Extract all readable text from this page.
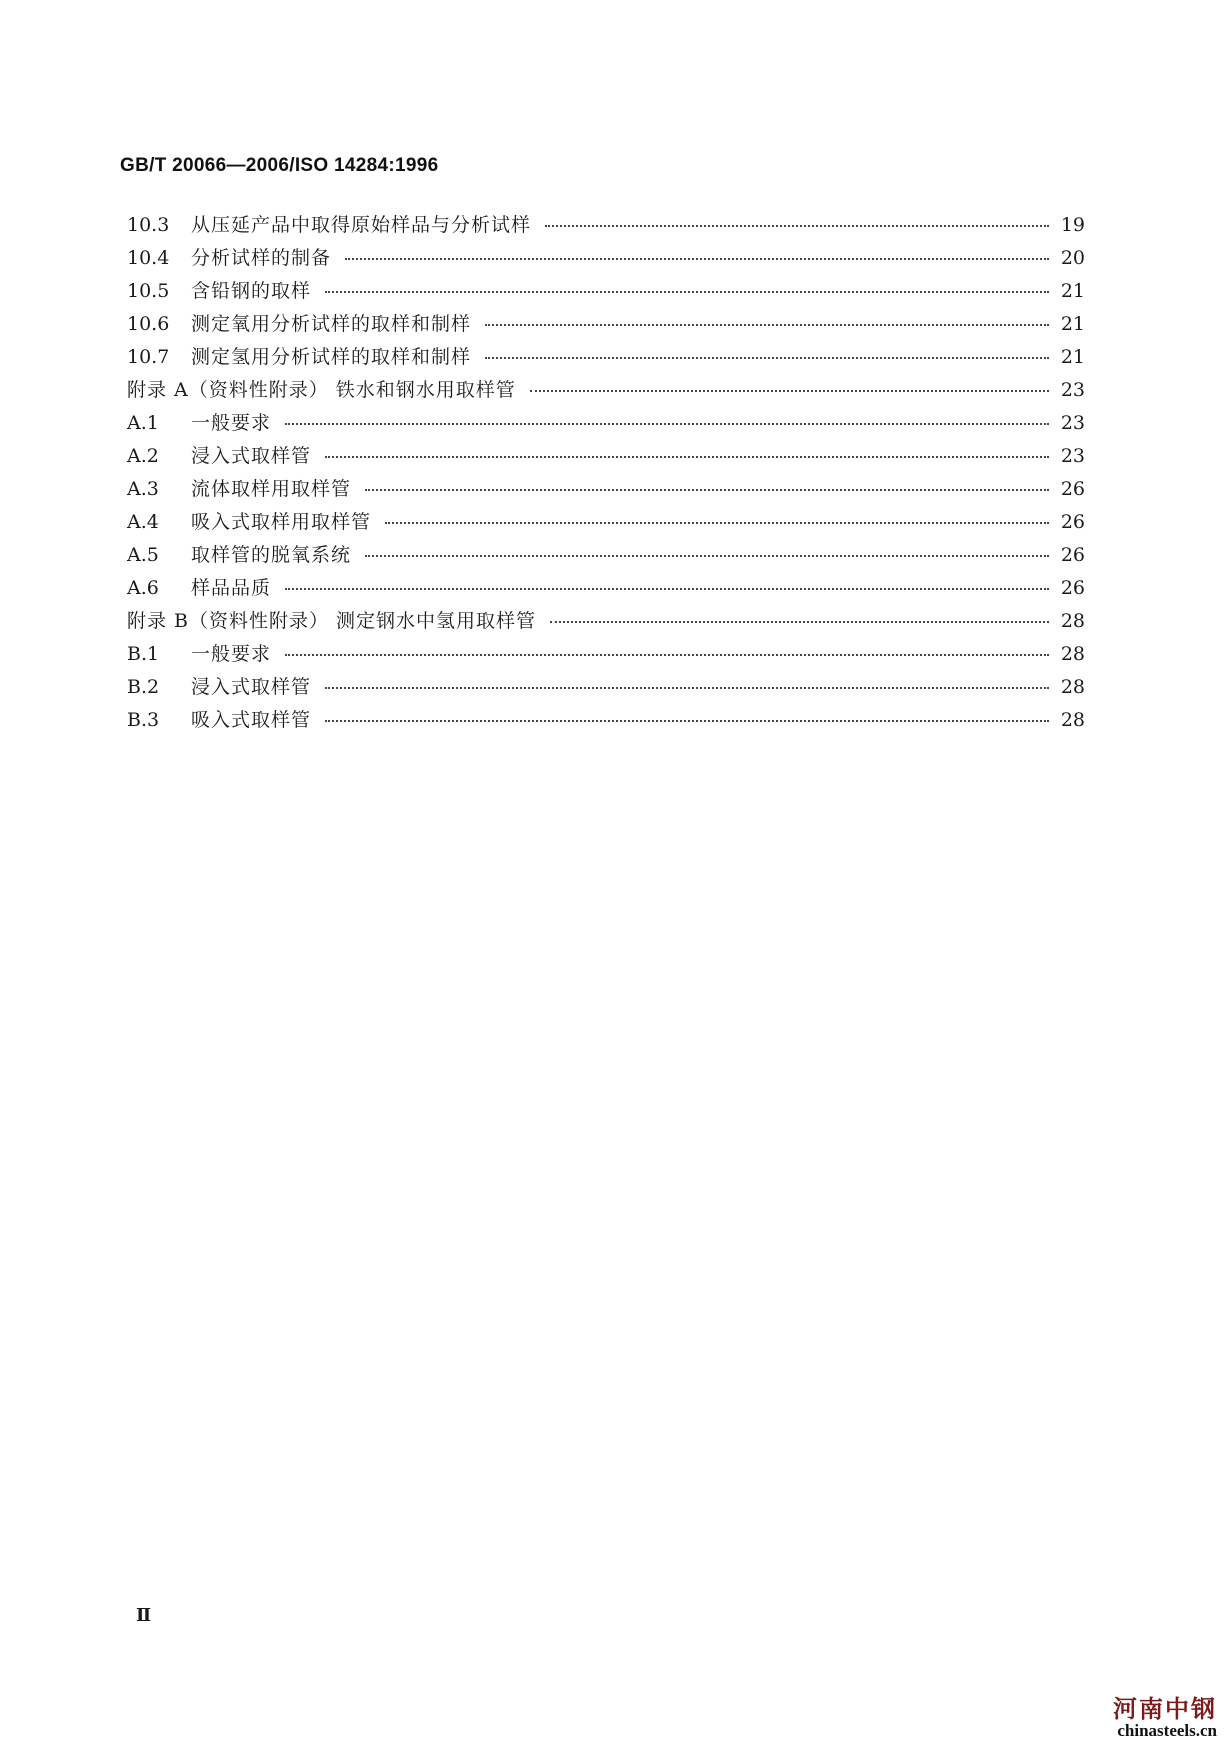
GB/T 20066—2006/ISO 14284:1996
10.3	从压延产品中取得原始样品与分析试样	19
10.4	分析试样的制备	20
10.5	含铅钢的取样	21
10.6	测定氧用分析试样的取样和制样	21
10.7	测定氢用分析试样的取样和制样	21
附录 A（资料性附录） 铁水和钢水用取样管	23
A.1	一般要求	23
A.2	浸入式取样管	23
A.3	流体取样用取样管	26
A.4	吸入式取样用取样管	26
A.5	取样管的脱氧系统	26
A.6	样品品质	26
附录 B（资料性附录） 测定钢水中氢用取样管	28
B.1	一般要求	28
B.2	浸入式取样管	28
B.3	吸入式取样管	28
Ⅱ
河南中钢
chinasteels.cn
